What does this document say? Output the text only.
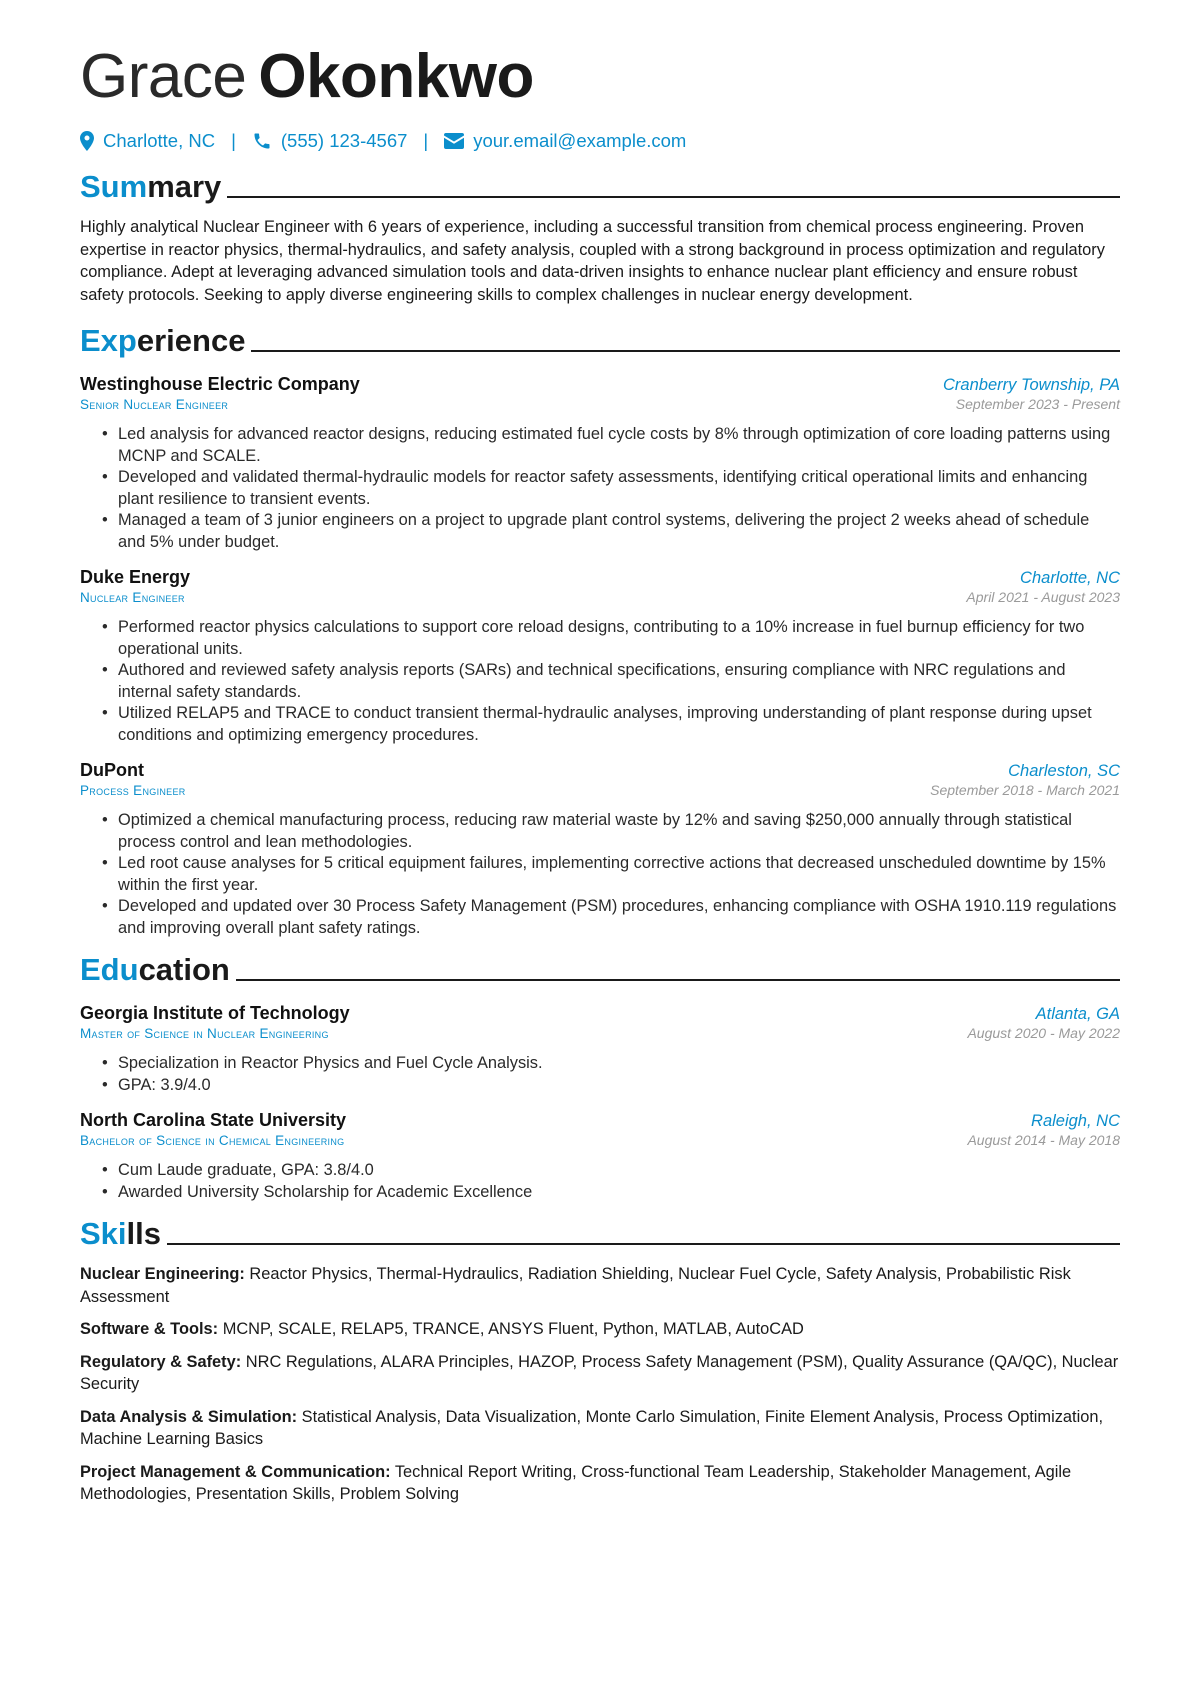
Grace Okonkwo
Charlotte, NC | (555) 123-4567 | your.email@example.com
Summary
Highly analytical Nuclear Engineer with 6 years of experience, including a successful transition from chemical process engineering. Proven expertise in reactor physics, thermal-hydraulics, and safety analysis, coupled with a strong background in process optimization and regulatory compliance. Adept at leveraging advanced simulation tools and data-driven insights to enhance nuclear plant efficiency and ensure robust safety protocols. Seeking to apply diverse engineering skills to complex challenges in nuclear energy development.
Experience
Westinghouse Electric Company	Cranberry Township, PA
Senior Nuclear Engineer	September 2023 - Present
• Led analysis for advanced reactor designs, reducing estimated fuel cycle costs by 8% through optimization of core loading patterns using MCNP and SCALE.
• Developed and validated thermal-hydraulic models for reactor safety assessments, identifying critical operational limits and enhancing plant resilience to transient events.
• Managed a team of 3 junior engineers on a project to upgrade plant control systems, delivering the project 2 weeks ahead of schedule and 5% under budget.
Duke Energy	Charlotte, NC
Nuclear Engineer	April 2021 - August 2023
• Performed reactor physics calculations to support core reload designs, contributing to a 10% increase in fuel burnup efficiency for two operational units.
• Authored and reviewed safety analysis reports (SARs) and technical specifications, ensuring compliance with NRC regulations and internal safety standards.
• Utilized RELAP5 and TRACE to conduct transient thermal-hydraulic analyses, improving understanding of plant response during upset conditions and optimizing emergency procedures.
DuPont	Charleston, SC
Process Engineer	September 2018 - March 2021
• Optimized a chemical manufacturing process, reducing raw material waste by 12% and saving $250,000 annually through statistical process control and lean methodologies.
• Led root cause analyses for 5 critical equipment failures, implementing corrective actions that decreased unscheduled downtime by 15% within the first year.
• Developed and updated over 30 Process Safety Management (PSM) procedures, enhancing compliance with OSHA 1910.119 regulations and improving overall plant safety ratings.
Education
Georgia Institute of Technology	Atlanta, GA
Master of Science in Nuclear Engineering	August 2020 - May 2022
• Specialization in Reactor Physics and Fuel Cycle Analysis.
• GPA: 3.9/4.0
North Carolina State University	Raleigh, NC
Bachelor of Science in Chemical Engineering	August 2014 - May 2018
• Cum Laude graduate, GPA: 3.8/4.0
• Awarded University Scholarship for Academic Excellence
Skills
Nuclear Engineering: Reactor Physics, Thermal-Hydraulics, Radiation Shielding, Nuclear Fuel Cycle, Safety Analysis, Probabilistic Risk Assessment
Software & Tools: MCNP, SCALE, RELAP5, TRANCE, ANSYS Fluent, Python, MATLAB, AutoCAD
Regulatory & Safety: NRC Regulations, ALARA Principles, HAZOP, Process Safety Management (PSM), Quality Assurance (QA/QC), Nuclear Security
Data Analysis & Simulation: Statistical Analysis, Data Visualization, Monte Carlo Simulation, Finite Element Analysis, Process Optimization, Machine Learning Basics
Project Management & Communication: Technical Report Writing, Cross-functional Team Leadership, Stakeholder Management, Agile Methodologies, Presentation Skills, Problem Solving
